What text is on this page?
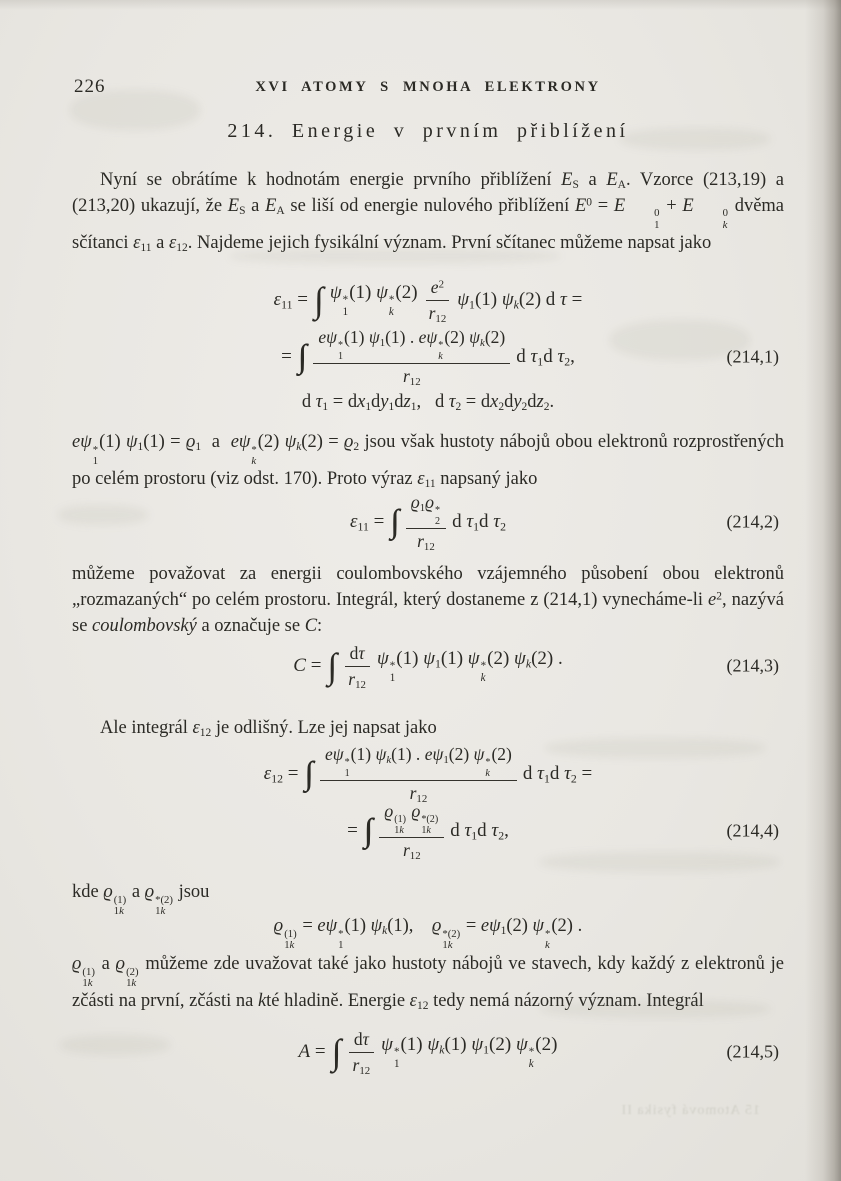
226	XVI ATOMY S MNOHA ELEKTRONY
214. Energie v prvním přiblížení

Nyní se obrátíme k hodnotám energie prvního přiblížení $E_S$ a $E_A$. Vzorce (213,19) a (213,20) ukazují, že $E_S$ a $E_A$ se liší od energie nulového přiblížení $E^0 = E$	0
1
+ E	0
k
dvěma sčítanci $\varepsilon_{11}$ a $\varepsilon_{12}$. Najdeme jejich fysikální význam. První sčítanec můžeme napsat jako

$\varepsilon_{11}$ = ∫ ψ *
1
(1) ψ *
k
$(2) \frac{e^2}{r_{12}} \psi_1(1)$ $\psi_k(2)$ d τ =
= ∫∫ eψ *
1
(1) $\psi_1(1)$ . eψ *
k
(2) $\psi_k(2)$
$r_{12}$ d $\tau_1d$ $\tau_2$,	(214,1)
d $\tau_1 = dx_1dy_1dz_1$,   d $\tau_2 = dx_2dy_2dz_2$.

eψ *
1
(1) $\psi_1(1) = ϱ_1$  a  eψ *
k
(2) $\psi_k(2) = ϱ_2$ jsou však hustoty nábojů obou elektronů rozprostřených po celém prostoru (viz odst. 170). Proto výraz $\varepsilon_{11}$ napsaný jako

$\varepsilon_{11}$ = ∫∫ $ϱ_1ϱ$ *
2
$r_{12}$ d $\tau_1d$ $\tau_2$	(214,2)

můžeme považovat za energii coulombovského vzájemného působení obou elektronů „rozmazaných“ po celém prostoru. Integrál, který dostaneme z (214,1) vynecháme-li $e^2$, nazývá se coulombovský a označuje se C:

C = ∫ $\frac{d\tau}{r_{12}}$ ψ *
1
(1) $\psi_1(1)$ ψ *
k
(2) $\psi_k(2)$ .	(214,3)

Ale integrál $\varepsilon_{12}$ je odlišný. Lze jej napsat jako

$\varepsilon_{12}$ = ∫∫ eψ *
1
(1) $\psi_k(1)$ . $e\psi_1(2)$ ψ *
k
(2)
$r_{12}$ d $\tau_1d$ $\tau_2$ =
= ∫∫ ϱ (1)
1k
ϱ *(2)
1k
$r_{12}$ d $\tau_1d$ $\tau_2$,	(214,4)

kde ϱ (1)
1k
a ϱ *(2)
1k
jsou

ϱ (1)
1k
= eψ *
1
(1) $\psi_k(1)$,    ϱ *(2)
1k
= $e\psi_1(2)$ ψ *
k
(2) .

ϱ (1)
1k
a ϱ (2)
1k
můžeme zde uvažovat také jako hustoty nábojů ve stavech, kdy každý z elektronů je zčásti na první, zčásti na kté hladině. Energie $\varepsilon_{12}$ tedy nemá názorný význam. Integrál

A = ∫ $\frac{d\tau}{r_{12}}$ ψ *
1
(1) $\psi_k(1)$ $\psi_1(2)$ ψ *
k
(2)	(214,5)
15 Atomová fysika II
